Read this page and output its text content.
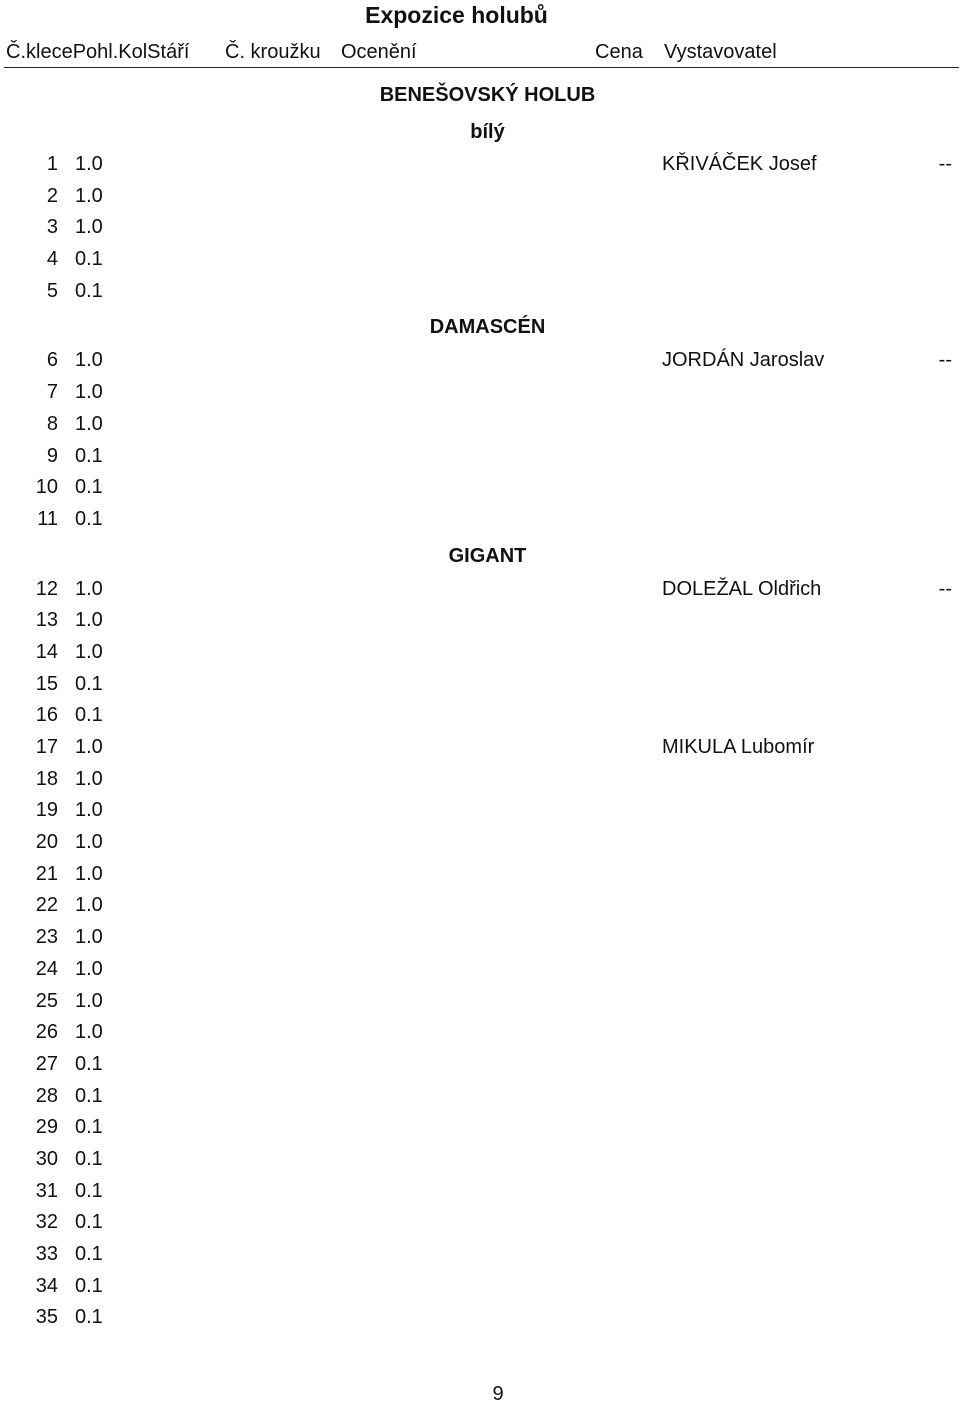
Expozice holubů
Č.klecePohl.KolStáří Č. kroužku Ocenění	Cena Vystavovatel
BENEŠOVSKÝ HOLUB
bílý
1 1.0	KŘIVÁČEK Josef	--
2 1.0
3 1.0
4 0.1
5 0.1
DAMASCÉN
6 1.0	JORDÁN Jaroslav	--
7 1.0
8 1.0
9 0.1
10 0.1
11 0.1
GIGANT
12 1.0	DOLEŽAL Oldřich	--
13 1.0
14 1.0
15 0.1
16 0.1
17 1.0	MIKULA Lubomír
18 1.0
19 1.0
20 1.0
21 1.0
22 1.0
23 1.0
24 1.0
25 1.0
26 1.0
27 0.1
28 0.1
29 0.1
30 0.1
31 0.1
32 0.1
33 0.1
34 0.1
35 0.1
9
